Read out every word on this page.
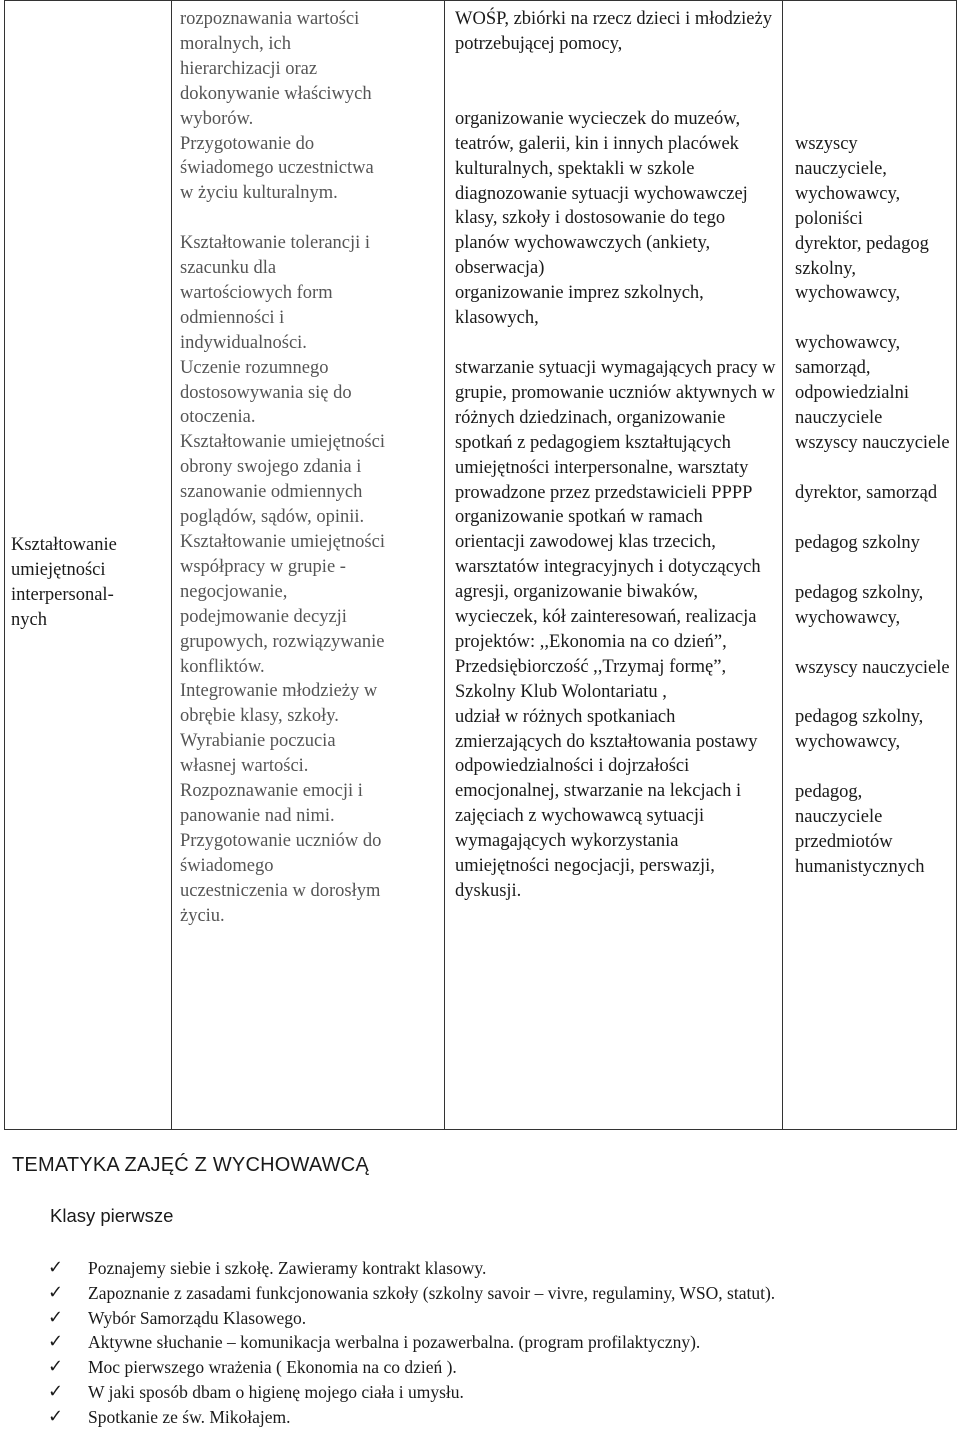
Kształtowanie
umiejętności
interpersonal-
nych

rozpoznawania wartości
moralnych, ich
hierarchizacji oraz
dokonywanie właściwych
wyborów.
Przygotowanie do
świadomego uczestnictwa
w życiu kulturalnym.
Kształtowanie tolerancji i
szacunku dla
wartościowych form
odmienności i
indywidualności.
Uczenie rozumnego
dostosowywania się do
otoczenia.
Kształtowanie umiejętności
obrony swojego zdania i
szanowanie odmiennych
poglądów, sądów, opinii.
Kształtowanie umiejętności
współpracy w grupie -
negocjowanie,
podejmowanie decyzji
grupowych, rozwiązywanie
konfliktów.
Integrowanie młodzieży w
obrębie klasy, szkoły.
Wyrabianie poczucia
własnej wartości.
Rozpoznawanie emocji i
panowanie nad nimi.
Przygotowanie uczniów do
świadomego
uczestniczenia w dorosłym
życiu.

WOŚP, zbiórki na rzecz dzieci i młodzieży potrzebującej pomocy,
organizowanie wycieczek do muzeów, teatrów, galerii, kin i innych placówek kulturalnych, spektakli w szkole
diagnozowanie sytuacji wychowawczej klasy, szkoły i dostosowanie do tego planów wychowawczych (ankiety, obserwacja)
organizowanie imprez szkolnych, klasowych,
stwarzanie sytuacji wymagających pracy w grupie, promowanie uczniów aktywnych w różnych dziedzinach, organizowanie spotkań z pedagogiem kształtujących umiejętności interpersonalne, warsztaty prowadzone przez przedstawicieli PPPP organizowanie spotkań w ramach orientacji zawodowej klas trzecich, warsztatów integracyjnych i dotyczących agresji, organizowanie biwaków, wycieczek, kół zainteresowań, realizacja projektów: ,,Ekonomia na co dzień”, Przedsiębiorczość ,,Trzymaj formę”, Szkolny Klub Wolontariatu ,
udział w różnych spotkaniach zmierzających do kształtowania postawy odpowiedzialności i dojrzałości emocjonalnej, stwarzanie na lekcjach i zajęciach z wychowawcą sytuacji wymagających wykorzystania umiejętności negocjacji, perswazji, dyskusji.

wszyscy nauczyciele, wychowawcy, poloniści
dyrektor, pedagog szkolny, wychowawcy,
wychowawcy, samorząd, odpowiedzialni nauczyciele
wszyscy nauczyciele
dyrektor, samorząd
pedagog szkolny
pedagog szkolny, wychowawcy,
wszyscy nauczyciele
pedagog szkolny, wychowawcy,
pedagog, nauczyciele przedmiotów humanistycznych
TEMATYKA ZAJĘĆ Z WYCHOWAWCĄ
Klasy pierwsze
✓ Poznajemy siebie i szkołę. Zawieramy kontrakt klasowy.
✓ Zapoznanie z zasadami funkcjonowania szkoły (szkolny savoir – vivre, regulaminy, WSO, statut).
✓ Wybór Samorządu Klasowego.
✓ Aktywne słuchanie – komunikacja werbalna i pozawerbalna. (program profilaktyczny).
✓ Moc pierwszego wrażenia ( Ekonomia na co dzień ).
✓ W jaki sposób dbam o higienę mojego ciała i umysłu.
✓ Spotkanie ze św. Mikołajem.
